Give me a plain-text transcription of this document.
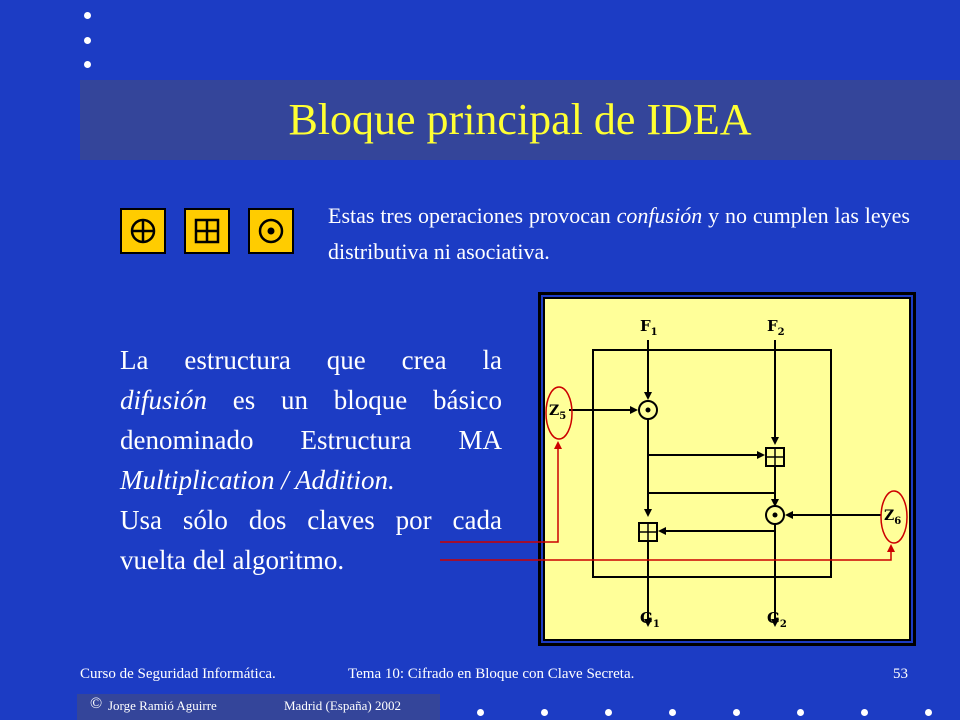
Bloque principal de IDEA

Estas tres operaciones provocan confusión y no cumplen las leyes distributiva ni asociativa.

La estructura que crea la
difusión es un bloque básico
denominado Estructura MA
Multiplication / Addition.
Usa sólo dos claves por cada
vuelta del algoritmo.

$F_1$	$F_2$
$G_1$	$G_2$
$Z_5$
$Z_6$
Curso de Seguridad Informática.	Tema 10: Cifrado en Bloque con Clave Secreta.	53
© Jorge Ramió Aguirre	Madrid (España) 2002
